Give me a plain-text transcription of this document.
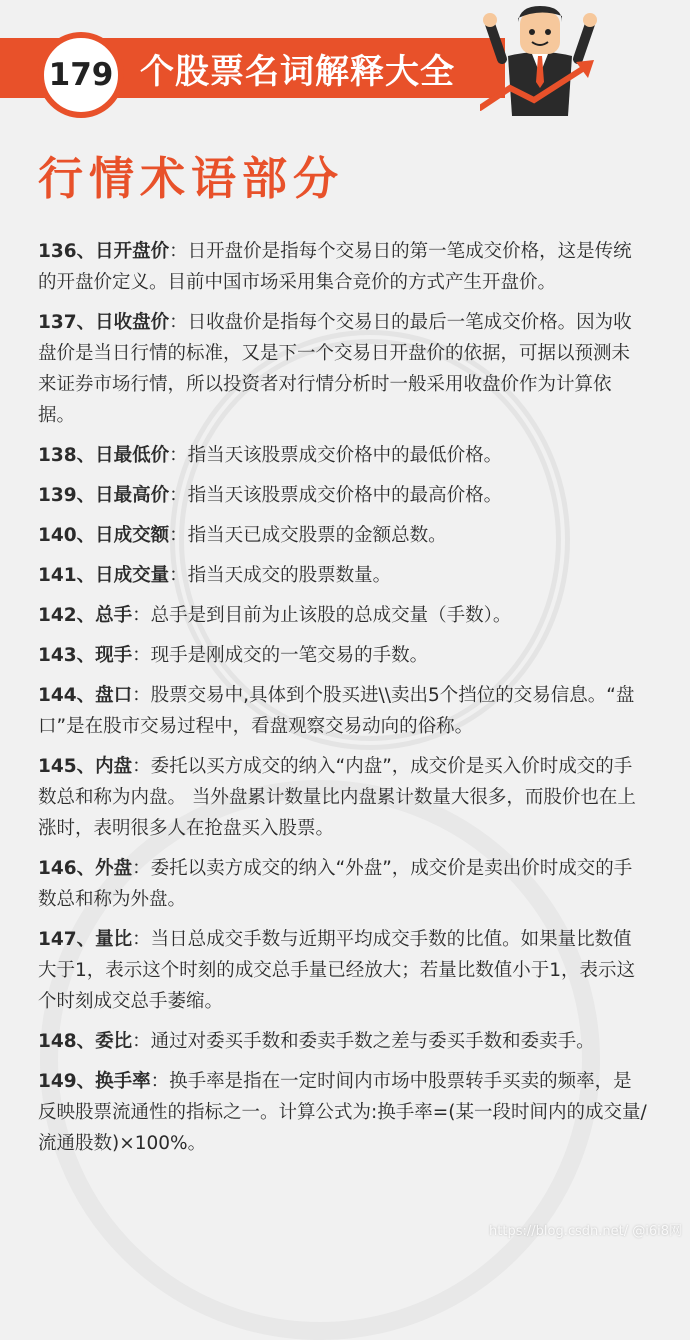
179 个股票名词解释大全
行情术语部分
136、日开盘价：日开盘价是指每个交易日的第一笔成交价格，这是传统的开盘价定义。目前中国市场采用集合竞价的方式产生开盘价。
137、日收盘价：日收盘价是指每个交易日的最后一笔成交价格。因为收盘价是当日行情的标准，又是下一个交易日开盘价的依据，可据以预测未来证券市场行情，所以投资者对行情分析时一般采用收盘价作为计算依据。
138、日最低价：指当天该股票成交价格中的最低价格。
139、日最高价：指当天该股票成交价格中的最高价格。
140、日成交额：指当天已成交股票的金额总数。
141、日成交量：指当天成交的股票数量。
142、总手：总手是到目前为止该股的总成交量（手数）。
143、现手：现手是刚成交的一笔交易的手数。
144、盘口：股票交易中,具体到个股买进\\卖出5个挡位的交易信息。“盘口”是在股市交易过程中，看盘观察交易动向的俗称。
145、内盘：委托以买方成交的纳入“内盘”，成交价是买入价时成交的手数总和称为内盘。 当外盘累计数量比内盘累计数量大很多，而股价也在上涨时，表明很多人在抢盘买入股票。
146、外盘：委托以卖方成交的纳入“外盘”，成交价是卖出价时成交的手数总和称为外盘。
147、量比：当日总成交手数与近期平均成交手数的比值。如果量比数值大于1，表示这个时刻的成交总手量已经放大；若量比数值小于1，表示这个时刻成交总手萎缩。
148、委比：通过对委买手数和委卖手数之差与委买手数和委卖手。
149、换手率：换手率是指在一定时间内市场中股票转手买卖的频率，是反映股票流通性的指标之一。计算公式为:换手率=(某一段时间内的成交量/流通股数)×100%。
https://blog.csdn.net/ @i6i8网
